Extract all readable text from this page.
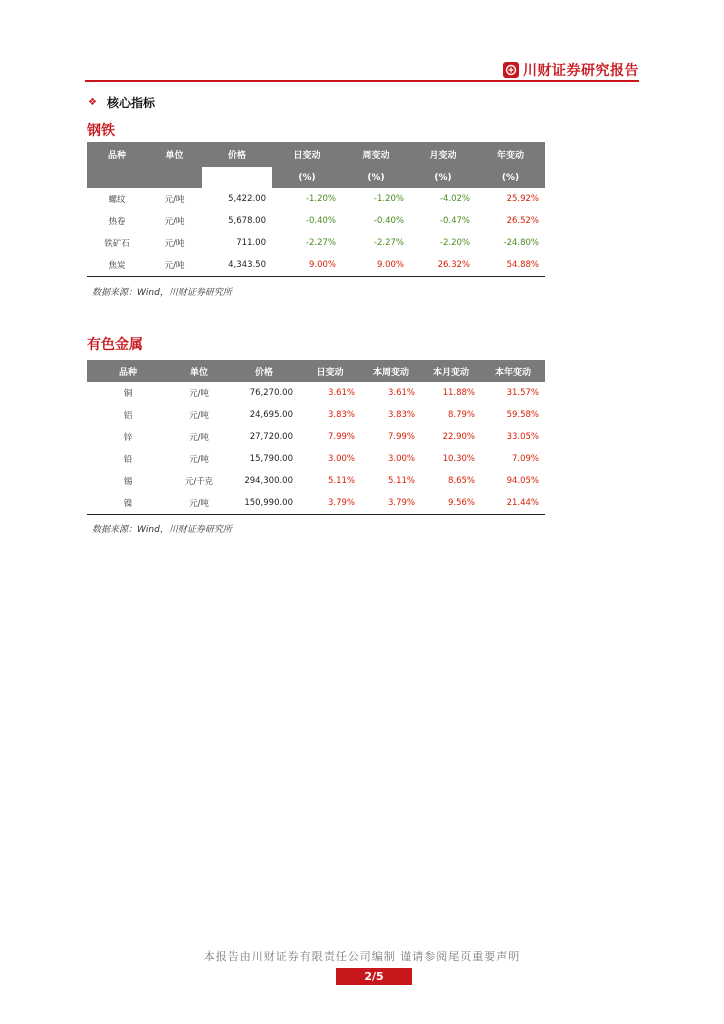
川财证券研究报告
❖ 核心指标
钢铁
品种	单位	价格	日变动	周变动	月变动	年变动
			(%)	(%)	(%)	(%)
螺纹	元/吨	5,422.00	-1.20%	-1.20%	-4.02%	25.92%
热卷	元/吨	5,678.00	-0.40%	-0.40%	-0.47%	26.52%
铁矿石	元/吨	711.00	-2.27%	-2.27%	-2.20%	-24.80%
焦炭	元/吨	4,343.50	9.00%	9.00%	26.32%	54.88%
数据来源：Wind，川财证券研究所
有色金属
品种	单位	价格	日变动	本周变动	本月变动	本年变动
铜	元/吨	76,270.00	3.61%	3.61%	11.88%	31.57%
铝	元/吨	24,695.00	3.83%	3.83%	8.79%	59.58%
锌	元/吨	27,720.00	7.99%	7.99%	22.90%	33.05%
铅	元/吨	15,790.00	3.00%	3.00%	10.30%	7.09%
锡	元/千克	294,300.00	5.11%	5.11%	8.65%	94.05%
镍	元/吨	150,990.00	3.79%	3.79%	9.56%	21.44%
数据来源：Wind，川财证券研究所
本报告由川财证券有限责任公司编制 谨请参阅尾页重要声明
2/5
